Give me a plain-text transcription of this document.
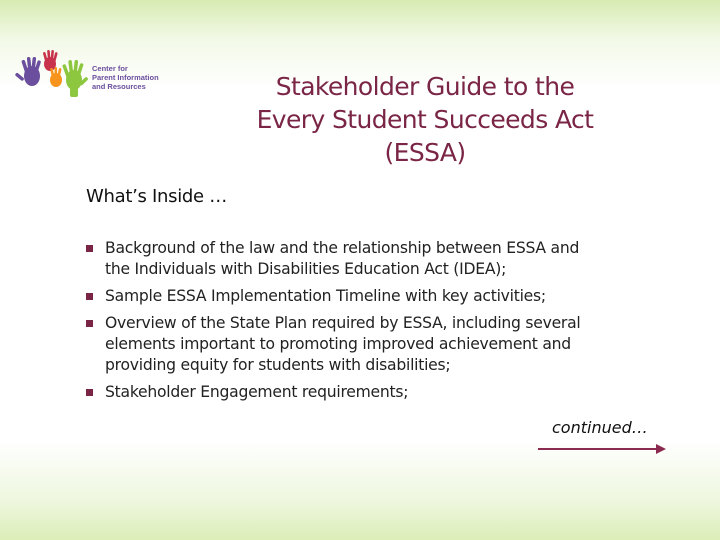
Center for
Parent Information
and Resources	Stakeholder Guide to the
Every Student Succeeds Act
(ESSA)
What’s Inside …
Background of the law and the relationship between ESSA and
the Individuals with Disabilities Education Act (IDEA);
Sample ESSA Implementation Timeline with key activities;
Overview of the State Plan required by ESSA, including several
elements important to promoting improved achievement and
providing equity for students with disabilities;
Stakeholder Engagement requirements;
continued…
